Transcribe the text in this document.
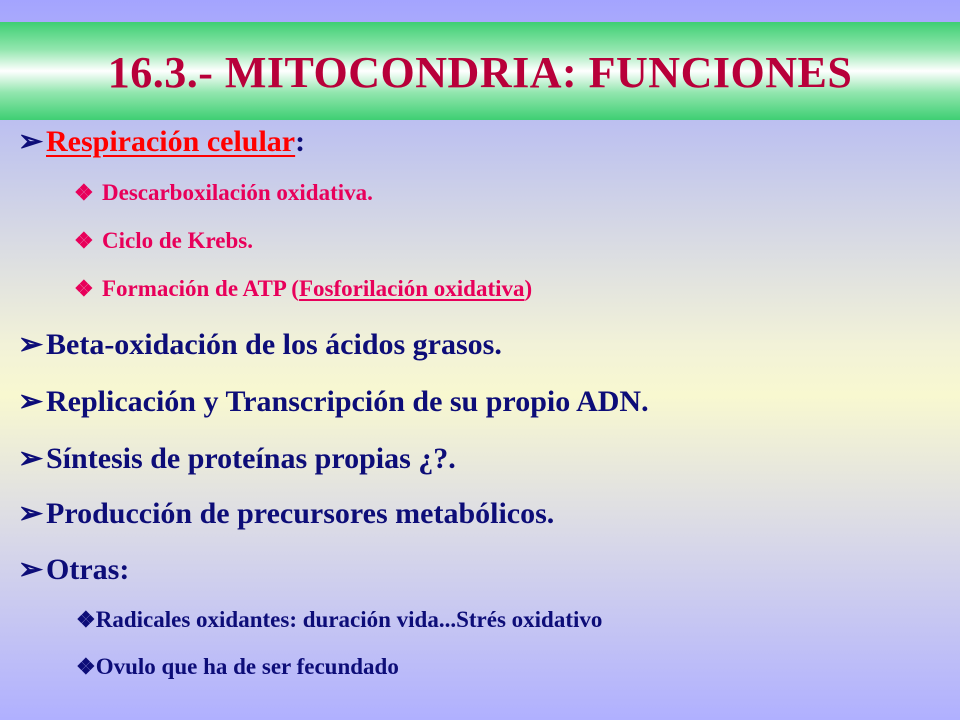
16.3.- MITOCONDRIA: FUNCIONES
➢Respiración celular:
❖ Descarboxilación oxidativa.
❖ Ciclo de Krebs.
❖ Formación de ATP (Fosforilación oxidativa)
➢Beta-oxidación de los ácidos grasos.
➢Replicación y Transcripción de su propio ADN.
➢Síntesis de proteínas propias ¿?.
➢Producción de precursores metabólicos.
➢Otras:
❖Radicales oxidantes: duración vida...Strés oxidativo
❖Ovulo que ha de ser fecundado
